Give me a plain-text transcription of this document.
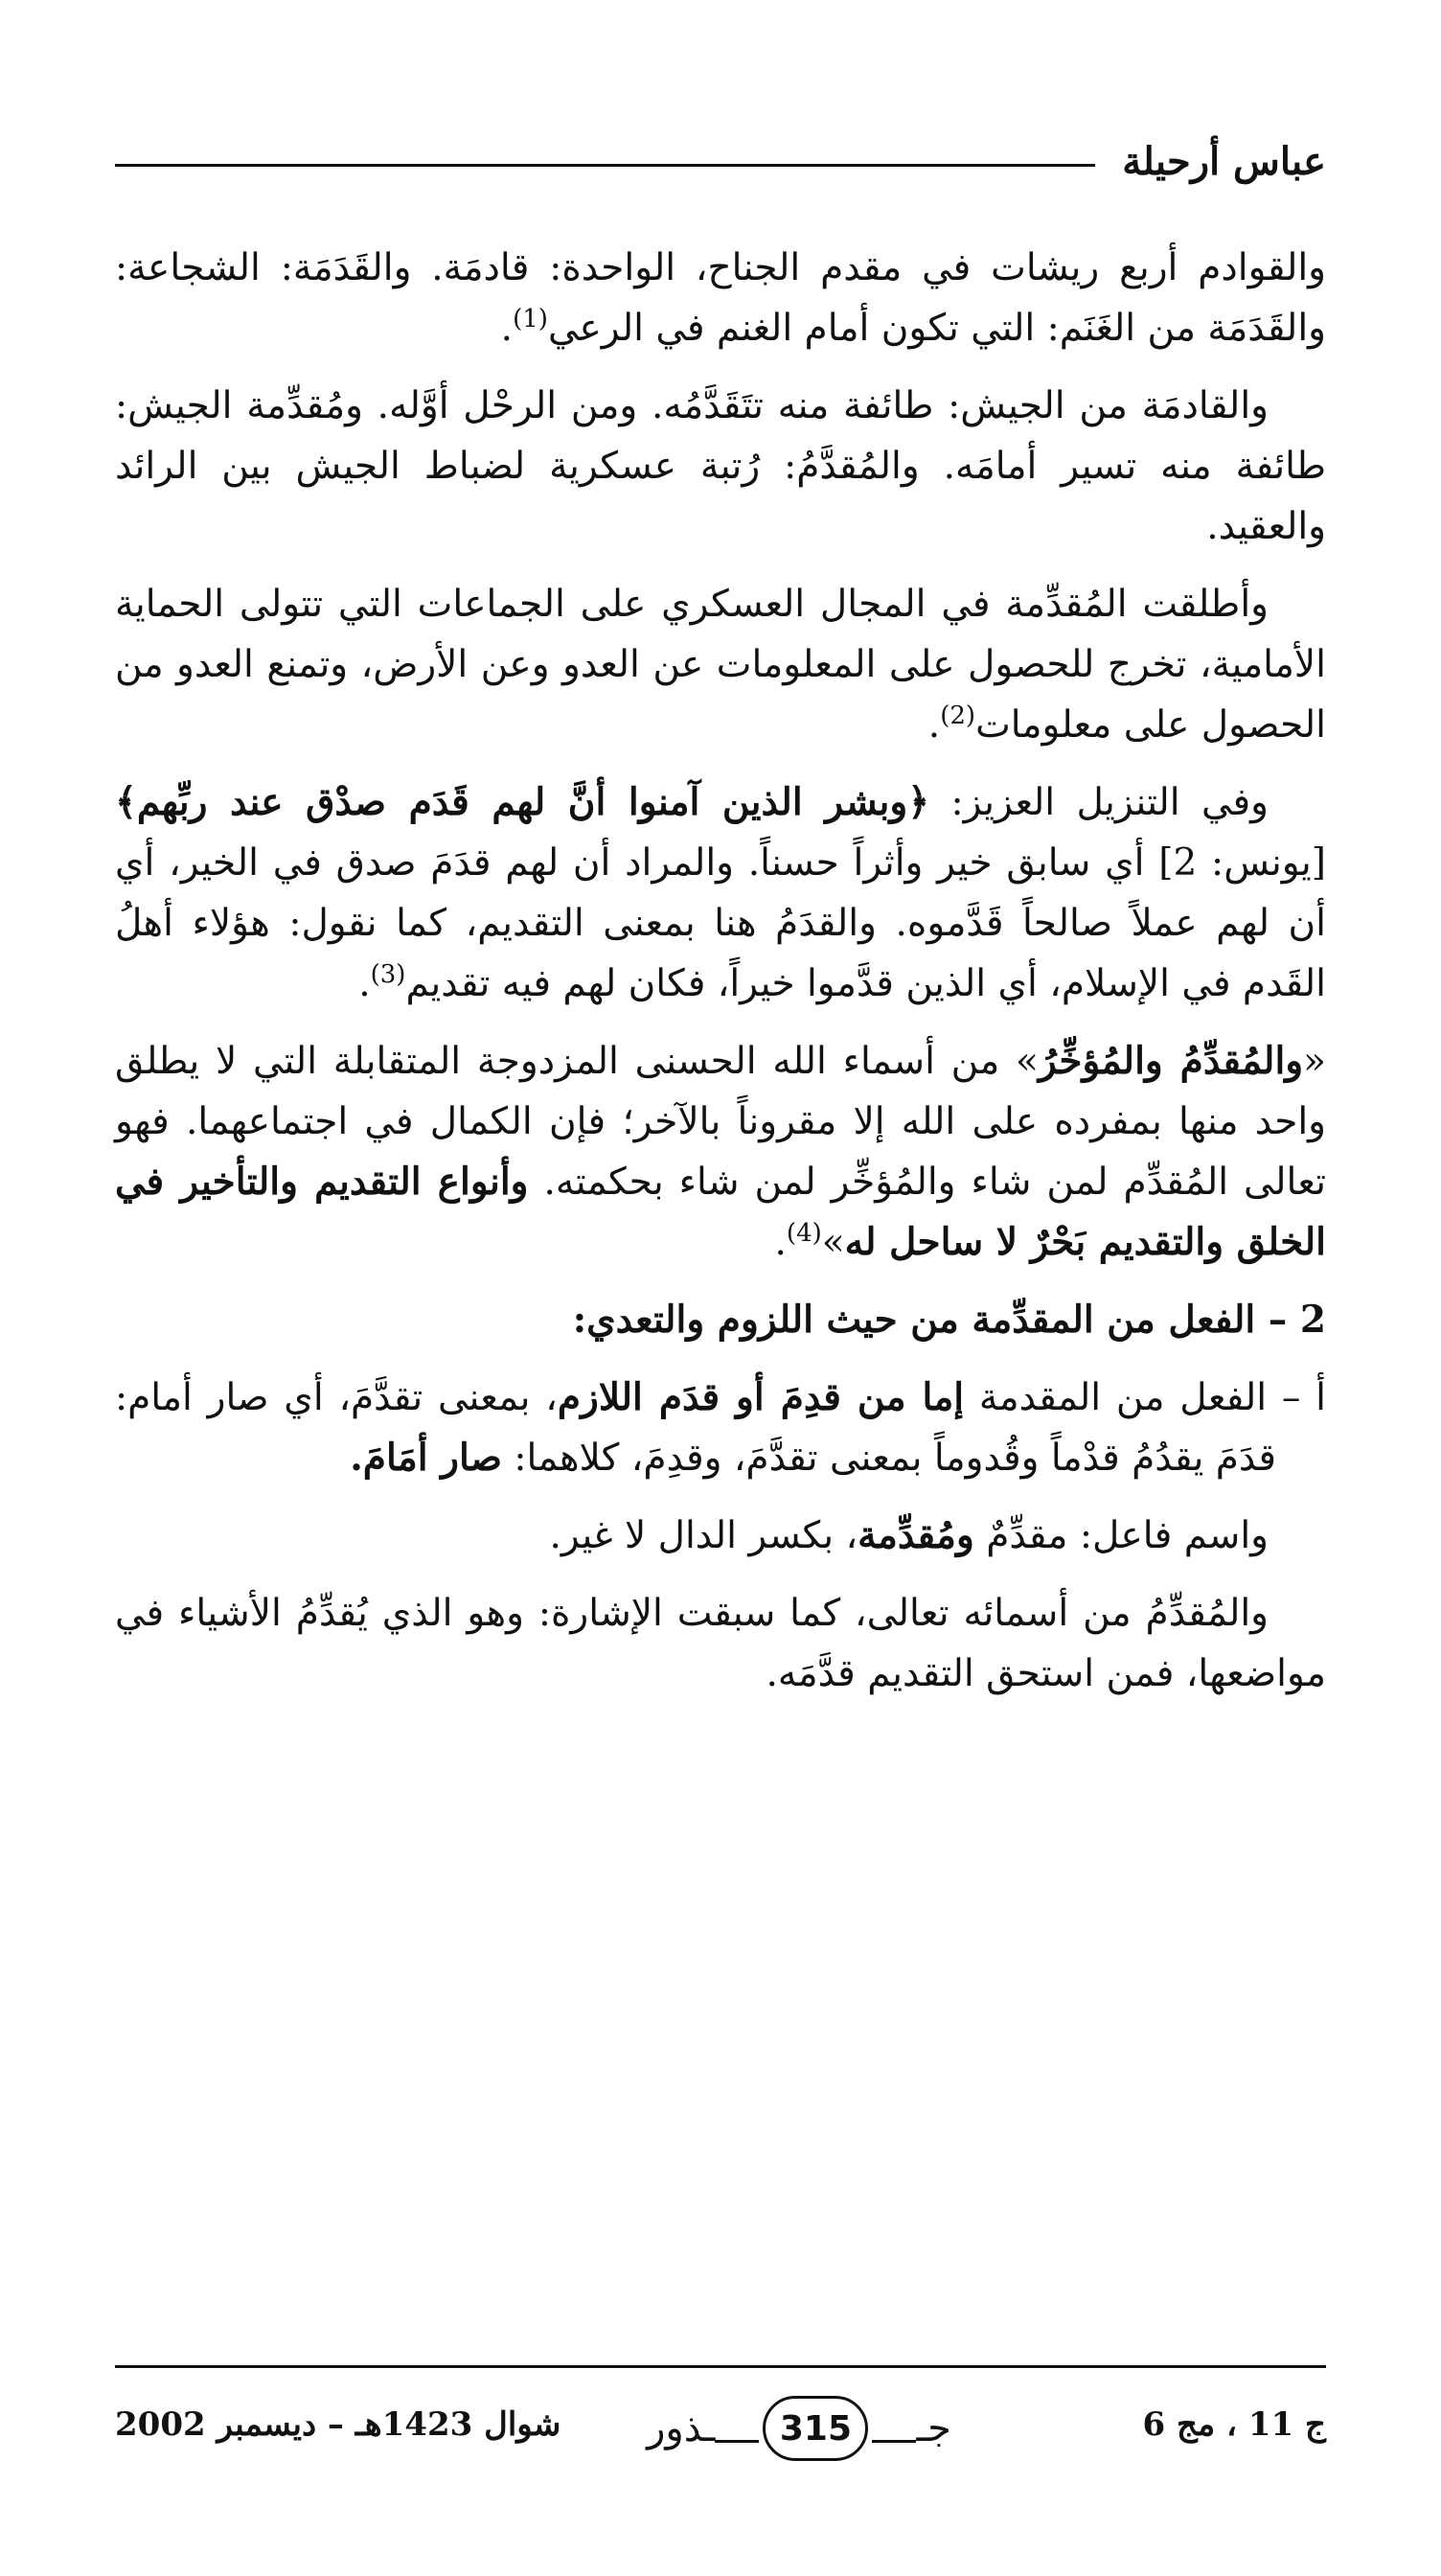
عباس أرحيلة

والقوادم أربع ريشات في مقدم الجناح، الواحدة: قادمَة. والقَدَمَة: الشجاعة: والقَدَمَة من الغَنَم: التي تكون أمام الغنم في الرعي$^{(1)}$.

والقادمَة من الجيش: طائفة منه تتَقَدَّمُه. ومن الرحْل أوَّله. ومُقدِّمة الجيش: طائفة منه تسير أمامَه. والمُقدَّمُ: رُتبة عسكرية لضباط الجيش بين الرائد والعقيد.

وأطلقت المُقدِّمة في المجال العسكري على الجماعات التي تتولى الحماية الأمامية، تخرج للحصول على المعلومات عن العدو وعن الأرض، وتمنع العدو من الحصول على معلومات$^{(2)}$.

وفي التنزيل العزيز: ﴿وبشر الذين آمنوا أنَّ لهم قَدَم صدْق عند ربِّهم﴾ [يونس: 2] أي سابق خير وأثراً حسناً. والمراد أن لهم قدَمَ صدق في الخير، أي أن لهم عملاً صالحاً قَدَّموه. والقدَمُ هنا بمعنى التقديم، كما نقول: هؤلاء أهلُ القَدم في الإسلام، أي الذين قدَّموا خيراً، فكان لهم فيه تقديم$^{(3)}$.

«والمُقدِّمُ والمُؤخِّرُ» من أسماء الله الحسنى المزدوجة المتقابلة التي لا يطلق واحد منها بمفرده على الله إلا مقروناً بالآخر؛ فإن الكمال في اجتماعهما. فهو تعالى المُقدِّم لمن شاء والمُؤخِّر لمن شاء بحكمته. وأنواع التقديم والتأخير في الخلق والتقديم بَحْرٌ لا ساحل له»$^{(4)}$.

2 – الفعل من المقدِّمة من حيث اللزوم والتعدي:

أ – الفعل من المقدمة إما من قدِمَ أو قدَم اللازم، بمعنى تقدَّمَ، أي صار أمام: قدَمَ يقدُمُ قدْماً وقُدوماً بمعنى تقدَّمَ، وقدِمَ، كلاهما: صار أمَامَ.

واسم فاعل: مقدِّمٌ ومُقدِّمة، بكسر الدال لا غير.

والمُقدِّمُ من أسمائه تعالى، كما سبقت الإشارة: وهو الذي يُقدِّمُ الأشياء في مواضعها، فمن استحق التقديم قدَّمَه.

ج 11 ، مج 6
جـ
315
ـذور
شوال 1423هـ – ديسمبر 2002
